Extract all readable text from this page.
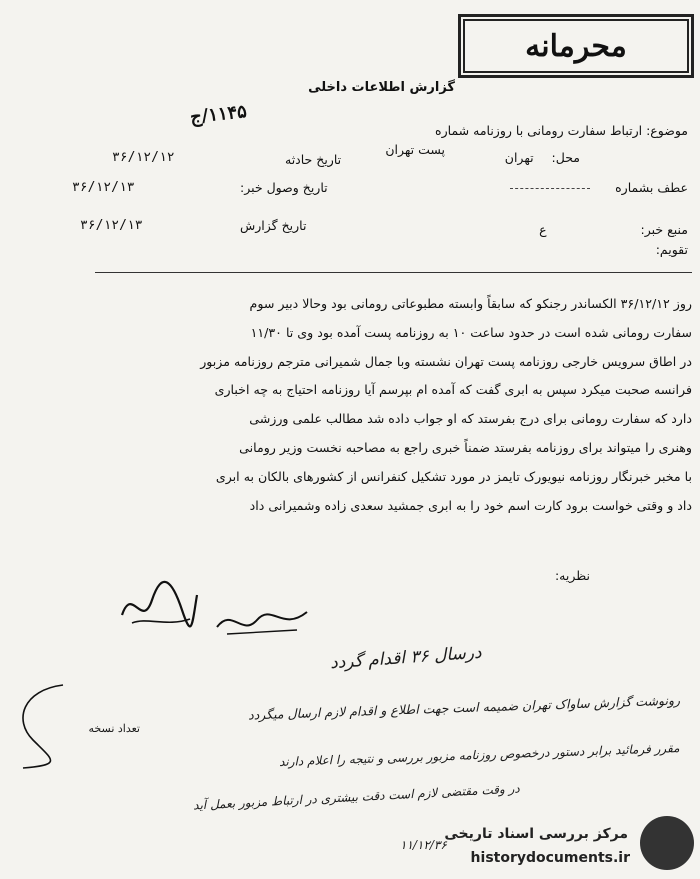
محرمانه
گزارش اطلاعات داخلی
۱۱۴۵/ج
موضوع: ارتباط سفارت رومانی با روزنامه شماره
محل: تهران
پست تهران
تاریخ حادثه
۳۶/۱۲/۱۲
عطف بشماره
تاریخ وصول خبر:
۳۶/۱۲/۱۳
تاریخ گزارش
۳۶/۱۲/۱۳	منبع خبر: ع
تقویم:
روز ۳۶/۱۲/۱۲ الکساندر رجنکو که سابقاً وابسته مطبوعاتی رومانی بود وحالا دبیر سوم
سفارت رومانی شده است در حدود ساعت ۱۰ به روزنامه پست آمده بود وی تا ۱۱/۳۰
در اطاق سرویس خارجی روزنامه پست تهران نشسته وبا جمال شمیرانی مترجم روزنامه مزبور
فرانسه صحبت میکرد سپس به ابری گفت که آمده ام بپرسم آیا روزنامه احتیاج به چه اخباری
دارد که سفارت رومانی برای درج بفرستد که او جواب داده شد مطالب علمی ورزشی
وهنری را میتواند برای روزنامه بفرستد ضمناً خبری راجع به مصاحبه نخست وزیر رومانی
با مخبر خبرنگار روزنامه نیویورک تایمز در مورد تشکیل کنفرانس از کشورهای بالکان به ابری
داد و وقتی خواست برود کارت اسم خود را به ابری جمشید سعدی زاده وشمیرانی داد
نظریه:
درسال ۳۶ اقدام گردد
رونوشت گزارش ساواک تهران ضمیمه است جهت اطلاع و اقدام لازم ارسال میگردد
تعداد نسخه
مقرر فرمائید برابر دستور درخصوص روزنامه مزبور بررسی و نتیجه را اعلام دارند
در وقت مقتضی لازم است دقت بیشتری در ارتباط مزبور بعمل آید
۱۱/۱۲/۳۶
مرکز بررسی اسناد تاریخی
historydocuments.ir
